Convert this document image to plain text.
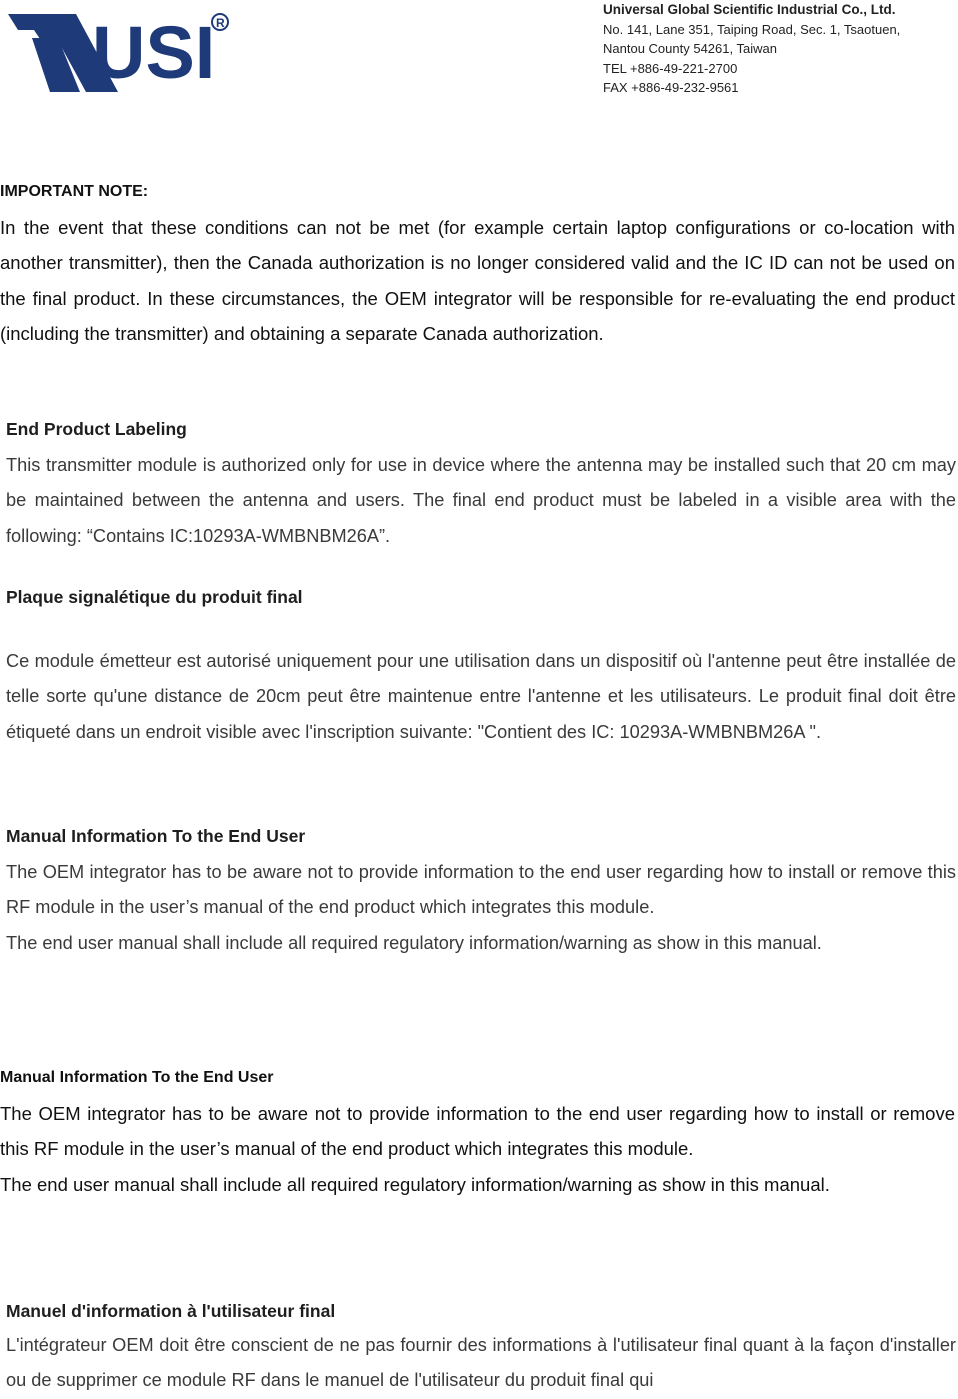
USI R
Universal Global Scientific Industrial Co., Ltd.
No. 141, Lane 351, Taiping Road, Sec. 1, Tsaotuen,
Nantou County 54261, Taiwan
TEL +886-49-221-2700
FAX +886-49-232-9561
IMPORTANT NOTE:

In the event that these conditions can not be met (for example certain laptop configurations or co-location with another transmitter), then the Canada authorization is no longer considered valid and the IC ID can not be used on the final product. In these circumstances, the OEM integrator will be responsible for re-evaluating the end product (including the transmitter) and obtaining a separate Canada authorization.

End Product Labeling

This transmitter module is authorized only for use in device where the antenna may be installed such that 20 cm may be maintained between the antenna and users. The final end product must be labeled in a visible area with the following: “Contains IC:10293A-WMBNBM26A”.

Plaque signalétique du produit final

Ce module émetteur est autorisé uniquement pour une utilisation dans un dispositif où l'antenne peut être installée de telle sorte qu'une distance de 20cm peut être maintenue entre l'antenne et les utilisateurs. Le produit final doit être étiqueté dans un endroit visible avec l'inscription suivante: "Contient des IC: 10293A-WMBNBM26A ".

Manual Information To the End User

The OEM integrator has to be aware not to provide information to the end user regarding how to install or remove this RF module in the user’s manual of the end product which integrates this module.

The end user manual shall include all required regulatory information/warning as show in this manual.

Manual Information To the End User

The OEM integrator has to be aware not to provide information to the end user regarding how to install or remove this RF module in the user’s manual of the end product which integrates this module.

The end user manual shall include all required regulatory information/warning as show in this manual.

Manuel d'information à l'utilisateur final

L'intégrateur OEM doit être conscient de ne pas fournir des informations à l'utilisateur final quant à la façon d'installer ou de supprimer ce module RF dans le manuel de l'utilisateur du produit final qui
